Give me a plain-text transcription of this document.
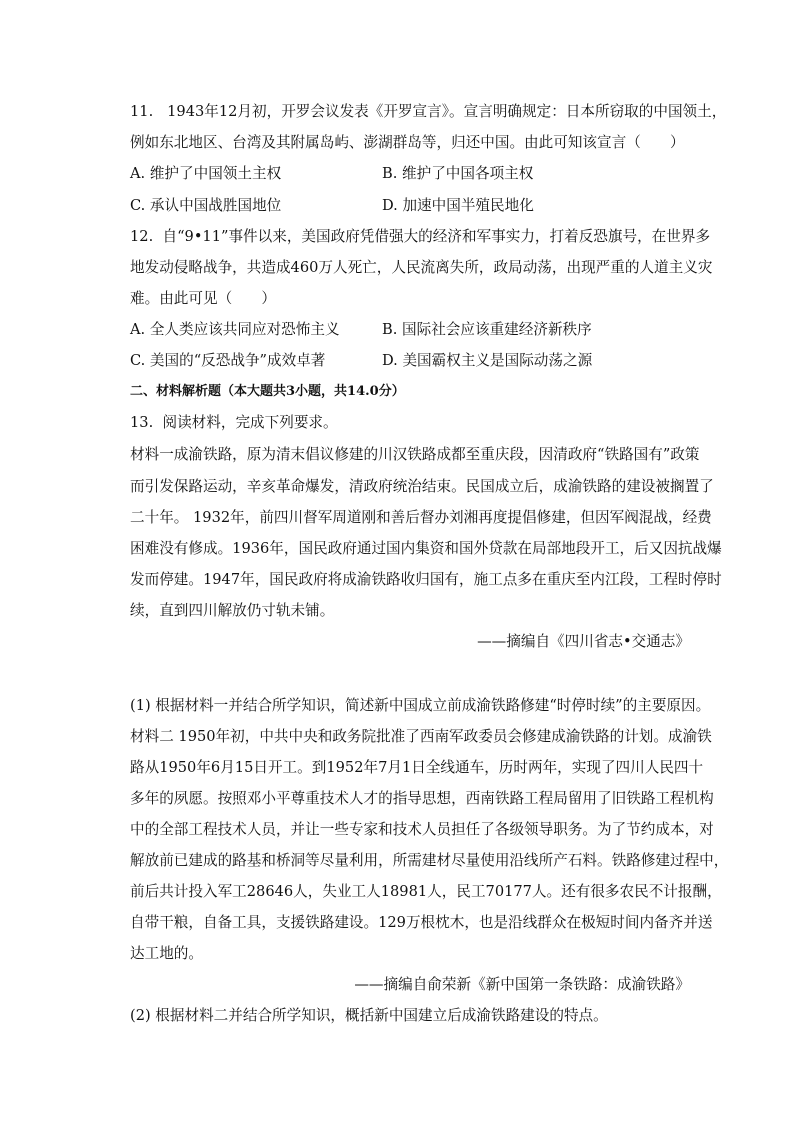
11.   1943年12月初，开罗会议发表《开罗宣言》。宣言明确规定：日本所窃取的中国领土，
例如东北地区、台湾及其附属岛屿、澎湖群岛等，归还中国。由此可知该宣言（　　）
A. 维护了中国领土主权	B. 维护了中国各项主权
C. 承认中国战胜国地位	D. 加速中国半殖民地化
12.  自“9•11”事件以来，美国政府凭借强大的经济和军事实力，打着反恐旗号，在世界多
地发动侵略战争，共造成460万人死亡，人民流离失所，政局动荡，出现严重的人道主义灾
难。由此可见（　　）
A. 全人类应该共同应对恐怖主义	B. 国际社会应该重建经济新秩序
C. 美国的“反恐战争”成效卓著	D. 美国霸权主义是国际动荡之源
二、材料解析题（本大题共3小题，共14.0分）
13.  阅读材料，完成下列要求。
材料一成渝铁路，原为清末倡议修建的川汉铁路成都至重庆段，因清政府“铁路国有”政策
而引发保路运动，辛亥革命爆发，清政府统治结束。民国成立后，成渝铁路的建设被搁置了
二十年。 1932年，前四川督军周道刚和善后督办刘湘再度提倡修建，但因军阀混战，经费
困难没有修成。1936年，国民政府通过国内集资和国外贷款在局部地段开工，后又因抗战爆
发而停建。1947年，国民政府将成渝铁路收归国有，施工点多在重庆至内江段，工程时停时
续，直到四川解放仍寸轨未铺。
——摘编自《四川省志•交通志》
(1) 根据材料一并结合所学知识，简述新中国成立前成渝铁路修建“时停时续”的主要原因。
材料二 1950年初，中共中央和政务院批准了西南军政委员会修建成渝铁路的计划。成渝铁
路从1950年6月15日开工。到1952年7月1日全线通车，历时两年，实现了四川人民四十
多年的夙愿。按照邓小平尊重技术人才的指导思想，西南铁路工程局留用了旧铁路工程机构
中的全部工程技术人员，并让一些专家和技术人员担任了各级领导职务。为了节约成本，对
解放前已建成的路基和桥洞等尽量利用，所需建材尽量使用沿线所产石料。铁路修建过程中，
前后共计投入军工28646人，失业工人18981人，民工70177人。还有很多农民不计报酬，
自带干粮，自备工具，支援铁路建设。129万根枕木，也是沿线群众在极短时间内备齐并送
达工地的。
——摘编自俞荣新《新中国第一条铁路：成渝铁路》
(2) 根据材料二并结合所学知识，概括新中国建立后成渝铁路建设的特点。
